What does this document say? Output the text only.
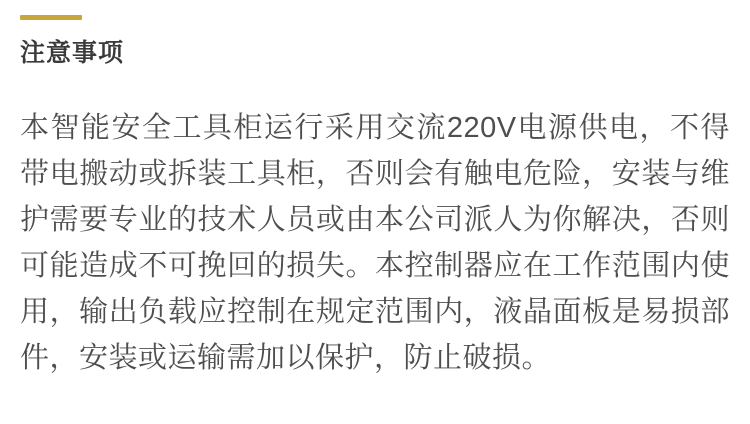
注意事项

本智能安全工具柜运行采用交流220V电源供电，不得带电搬动或拆装工具柜，否则会有触电危险，安装与维护需要专业的技术人员或由本公司派人为你解决，否则可能造成不可挽回的损失。本控制器应在工作范围内使用，输出负载应控制在规定范围内，液晶面板是易损部件，安装或运输需加以保护，防止破损。
